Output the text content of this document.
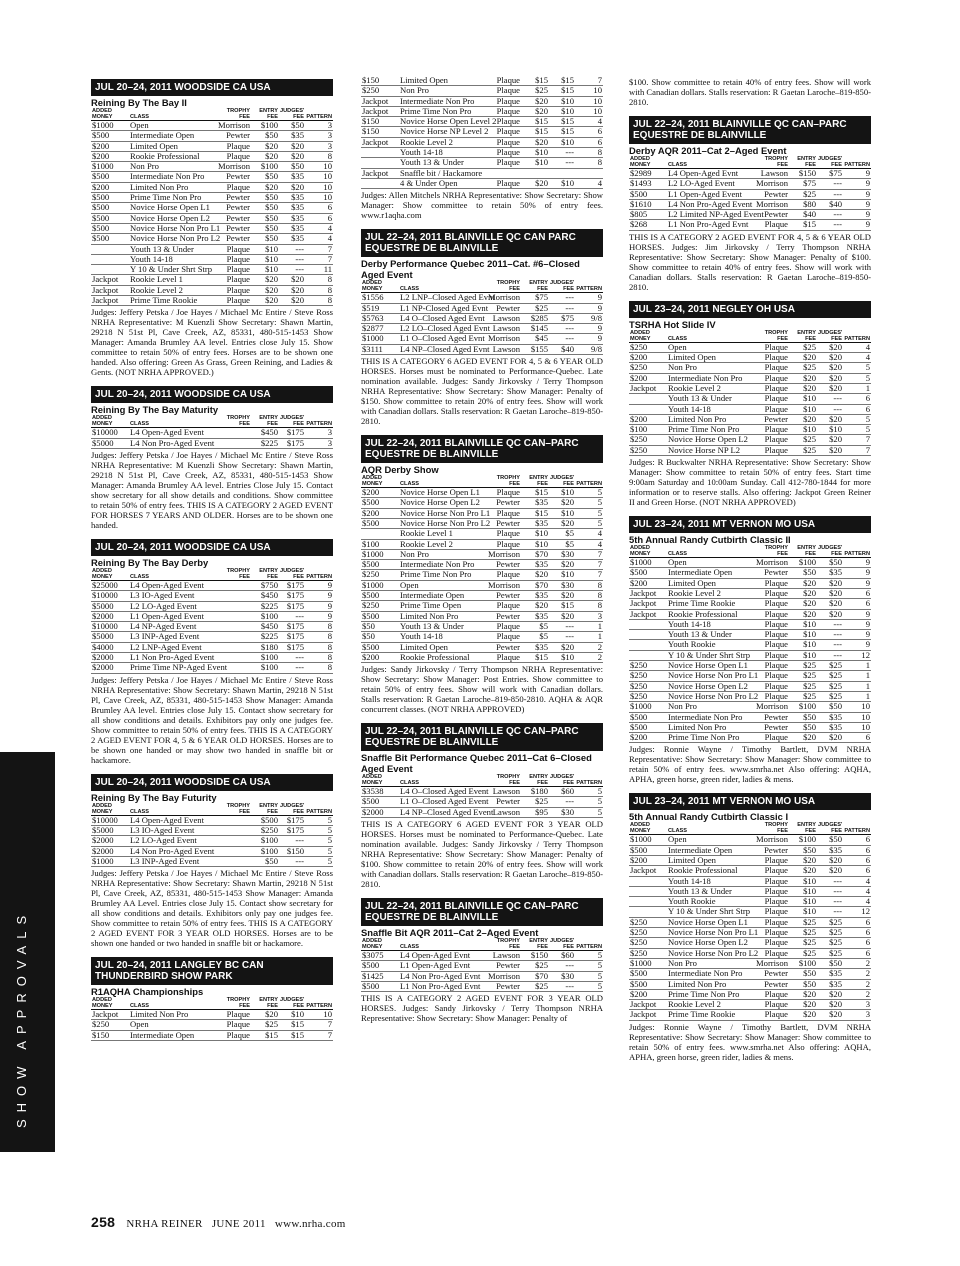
SHOW APPROVALS
JUL 20–24, 2011 WOODSIDE CA USA
Reining By The Bay II
ADDED MONEY	CLASS	TROPHY FEE	ENTRY FEE	JUDGES' FEE	PATTERN
$1000	Open	Morrison	$100	$50	3
$500	Intermediate Open	Pewter	$50	$35	3
$200	Limited Open	Plaque	$20	$20	3
$200	Rookie Professional	Plaque	$20	$20	8
$1000	Non Pro	Morrison	$100	$50	10
$500	Intermediate Non Pro	Pewter	$50	$35	10
$200	Limited Non Pro	Plaque	$20	$20	10
$500	Prime Time Non Pro	Pewter	$50	$35	10
$500	Novice Horse Open L1	Pewter	$50	$35	6
$500	Novice Horse Open L2	Pewter	$50	$35	6
$500	Novice Horse Non Pro L1	Pewter	$50	$35	4
$500	Novice Horse Non Pro L2	Pewter	$50	$35	4
	Youth 13 & Under	Plaque	$10	---	7
	Youth 14-18	Plaque	$10	---	7
	Y 10 & Under Shrt Strp	Plaque	$10	---	11
Jackpot	Rookie Level 1	Plaque	$20	$20	8
Jackpot	Rookie Level 2	Plaque	$20	$20	8
Jackpot	Prime Time Rookie	Plaque	$20	$20	8

Judges: Jeffery Petska / Joe Hayes / Michael Mc Entire / Steve Ross NRHA Representative: M Kuenzli Show Secretary: Shawn Martin, 29218 N 51st Pl, Cave Creek, AZ, 85331, 480-515-1453 Show Manager: Amanda Brumley AA level. Entries close July 15. Show committee to retain 50% of entry fees. Horses are to be shown one handed. Also offering: Green As Grass, Green Reining, and Ladies & Gents. (NOT NRHA APPROVED.)

JUL 20–24, 2011 WOODSIDE CA USA
Reining By The Bay Maturity
ADDED MONEY	CLASS	TROPHY FEE	ENTRY FEE	JUDGES' FEE	PATTERN
$10000	L4 Open-Aged Event		$450	$175	3
$5000	L4 Non Pro-Aged Event		$225	$175	3

Judges: Jeffery Petska / Joe Hayes / Michael Mc Entire / Steve Ross NRHA Representative: M Kuenzli Show Secretary: Shawn Martin, 29218 N 51st Pl, Cave Creek, AZ, 85331, 480-515-1453 Show Manager: Amanda Brumley AA level. Entries Close July 15. Contact show secretary for all show details and conditions. Show committee to retain 50% of entry fees. THIS IS A CATEGORY 2 AGED EVENT FOR HORSES 7 YEARS AND OLDER. Horses are to be shown one handed.

JUL 20–24, 2011 WOODSIDE CA USA
Reining By The Bay Derby
ADDED MONEY	CLASS	TROPHY FEE	ENTRY FEE	JUDGES' FEE	PATTERN
$25000	L4 Open-Aged Event		$750	$175	9
$10000	L3 IO-Aged Event		$450	$175	9
$5000	L2 LO-Aged Event		$225	$175	9
$2000	L1 Open-Aged Event		$100	---	9
$10000	L4 NP-Aged Event		$450	$175	8
$5000	L3 INP-Aged Event		$225	$175	8
$4000	L2 LNP-Aged Event		$180	$175	8
$2000	L1 Non Pro-Aged Event		$100	---	8
$2000	Prime Time NP-Aged Event		$100	---	8

Judges: Jeffery Petska / Joe Hayes / Michael Mc Entire / Steve Ross NRHA Representative: Show Secretary: Shawn Martin, 29218 N 51st Pl, Cave Creek, AZ, 85331, 480-515-1453 Show Manager: Amanda Brumley AA level. Entries close July 15. Contact show secretary for all show conditions and details. Exhibitors pay only one judges fee. Show committee to retain 50% of entry fees. THIS IS A CATEGORY 2 AGED EVENT FOR 4, 5 & 6 YEAR OLD HORSES. Horses are to be shown one handed or may show two handed in snaffle bit or hackamore.

JUL 20–24, 2011 WOODSIDE CA USA
Reining By The Bay Futurity
ADDED MONEY	CLASS	TROPHY FEE	ENTRY FEE	JUDGES' FEE	PATTERN
$10000	L4 Open-Aged Event		$500	$175	5
$5000	L3 IO-Aged Event		$250	$175	5
$2000	L2 LO-Aged Event		$100	---	5
$2000	L4 Non Pro-Aged Event		$100	$150	5
$1000	L3 INP-Aged Event		$50	---	5

Judges: Jeffery Petska / Joe Hayes / Michael Mc Entire / Steve Ross NRHA Representative: Show Secretary: Shawn Martin, 29218 N 51st Pl, Cave Creek, AZ, 85331, 480-515-1453 Show Manager: Amanda Brumley AA Level. Entries close July 15. Contact show secretary for all show conditions and details. Exhibitors only pay one judges fee. Show committee to retain 50% of entry fees. THIS IS A CATEGORY 2 AGED EVENT FOR 3 YEAR OLD HORSES. Horses are to be shown one handed or two handed in snaffle bit or hackamore.

JUL 20–24, 2011 LANGLEY BC CAN THUNDERBIRD SHOW PARK
R1AQHA Championships
ADDED MONEY	CLASS	TROPHY FEE	ENTRY FEE	JUDGES' FEE	PATTERN
Jackpot	Limited Non Pro	Plaque	$20	$10	10
$250	Open	Plaque	$25	$15	7
$150	Intermediate Open	Plaque	$15	$15	7
$150	Limited Open	Plaque	$15	$15	7
$250	Non Pro	Plaque	$25	$15	10
Jackpot	Intermediate Non Pro	Plaque	$20	$10	10
Jackpot	Prime Time Non Pro	Plaque	$20	$10	10
$150	Novice Horse Open Level 2	Plaque	$15	$15	4
$150	Novice Horse NP Level 2	Plaque	$15	$15	6
Jackpot	Rookie Level 2	Plaque	$20	$10	6
	Youth 14-18	Plaque	$10	---	8
	Youth 13 & Under	Plaque	$10	---	8
Jackpot	Snaffle bit / Hackamore				
	4 & Under Open	Plaque	$20	$10	4

Judges: Allen Mitchels NRHA Representative: Show Secretary: Show Manager: Show committee to retain 50% of entry fees. www.r1aqha.com

JUL 22–24, 2011 BLAINVILLE QC CAN PARC EQUESTRE DE BLAINVILLE
Derby Performance Quebec 2011–Cat. #6–Closed Aged Event
ADDED MONEY	CLASS	TROPHY FEE	ENTRY FEE	JUDGES' FEE	PATTERN
$1556	L2 LNP–Closed Aged Evnt	Morrison	$75	---	9
$519	L1 NP-Closed Aged Evnt	Pewter	$25	---	9
$5763	L4 O–Closed Aged Evnt	Lawson	$285	$75	9/8
$2877	L2 LO–Closed Aged Evnt	Lawson	$145	---	9
$1000	L1 O–Closed Aged Evnt	Morrison	$45	---	9
$3111	L4 NP–Closed Aged Evnt	Lawson	$155	$40	9/8

THIS IS A CATEGORY 6 AGED EVENT FOR 4, 5 & 6 YEAR OLD HORSES. Horses must be nominated to Performance-Quebec. Late nomination available. Judges: Sandy Jirkovsky / Terry Thompson NRHA Representative: Show Secretary: Show Manager: Penalty of $150. Show committee to retain 20% of entry fees. Show will work with Canadian dollars. Stalls reservation: R Gaetan Laroche–819-850-2810.

JUL 22–24, 2011 BLAINVILLE QC CAN–PARC EQUESTRE DE BLAINVILLE
AQR Derby Show
ADDED MONEY	CLASS	TROPHY FEE	ENTRY FEE	JUDGES' FEE	PATTERN
$200	Novice Horse Open L1	Plaque	$15	$10	5
$500	Novice Horse Open L2	Pewter	$35	$20	5
$200	Novice Horse Non Pro L1	Plaque	$15	$10	5
$500	Novice Horse Non Pro L2	Pewter	$35	$20	5
	Rookie Level 1	Plaque	$10	$5	4
$100	Rookie Level 2	Plaque	$10	$5	4
$1000	Non Pro	Morrison	$70	$30	7
$500	Intermediate Non Pro	Pewter	$35	$20	7
$250	Prime Time Non Pro	Plaque	$20	$10	7
$1000	Open	Morrison	$70	$30	8
$500	Intermediate Open	Pewter	$35	$20	8
$250	Prime Time Open	Plaque	$20	$15	8
$500	Limited Non Pro	Pewter	$35	$20	3
$50	Youth 13 & Under	Plaque	$5	---	1
$50	Youth 14-18	Plaque	$5	---	1
$500	Limited Open	Pewter	$35	$20	2
$200	Rookie Professional	Plaque	$15	$10	2

Judges: Sandy Jirkovsky / Terry Thompson NRHA Representative: Show Secretary: Show Manager: Post Entries. Show committee to retain 50% of entry fees. Show will work with Canadian dollars. Stalls reservation: R Gaetan Laroche–819-850-2810. AQHA & AQR concurrent classes. (NOT NRHA APPROVED)

JUL 22–24, 2011 BLAINVILLE QC CAN–PARC EQUESTRE DE BLAINVILLE
Snaffle Bit Performance Quebec 2011–Cat 6–Closed Aged Event
ADDED MONEY	CLASS	TROPHY FEE	ENTRY FEE	JUDGES' FEE	PATTERN
$3538	L4 O–Closed Aged Event	Lawson	$180	$60	5
$500	L1 O–Closed Aged Event	Pewter	$25	---	5
$2000	L4 NP–Closed Aged Event	Lawson	$95	$30	5

THIS IS A CATEGORY 6 AGED EVENT FOR 3 YEAR OLD HORSES. Horses must be nominated to Performance-Quebec. Late nomination available. Judges: Sandy Jirkovsky / Terry Thompson NRHA Representative: Show Secretary: Show Manager: Penalty of $100. Show committee to retain 20% of entry fees. Show will work with Canadian dollars. Stalls reservation: R Gaetan Laroche–819-850-2810.

JUL 22–24, 2011 BLAINVILLE QC CAN–PARC EQUESTRE DE BLAINVILLE
Snaffle Bit AQR 2011–Cat 2–Aged Event
ADDED MONEY	CLASS	TROPHY FEE	ENTRY FEE	JUDGES' FEE	PATTERN
$3075	L4 Open-Aged Evnt	Lawson	$150	$60	5
$500	L1 Open-Aged Evnt	Pewter	$25	---	5
$1425	L4 Non Pro-Aged Evnt	Morrison	$70	$30	5
$500	L1 Non Pro-Aged Evnt	Pewter	$25	---	5

THIS IS A CATEGORY 2 AGED EVENT FOR 3 YEAR OLD HORSES. Judges: Sandy Jirkovsky / Terry Thompson NRHA Representative: Show Secretary: Show Manager: Penalty of

$100. Show committee to retain 40% of entry fees. Show will work with Canadian dollars. Stalls reservation: R Gaetan Laroche–819-850-2810.

JUL 22–24, 2011 BLAINVILLE QC CAN–PARC EQUESTRE DE BLAINVILLE
Derby AQR 2011–Cat 2–Aged Event
ADDED MONEY	CLASS	TROPHY FEE	ENTRY FEE	JUDGES' FEE	PATTERN
$2989	L4 Open-Aged Evnt	Lawson	$150	$75	9
$1493	L2 LO-Aged Event	Morrison	$75	---	9
$500	L1 Open-Aged Event	Pewter	$25	---	9
$1610	L4 Non Pro-Aged Event	Morrison	$80	$40	9
$805	L2 Limited NP-Aged Event	Pewter	$40	---	9
$268	L1 Non Pro-Aged Evnt	Plaque	$15	---	9

THIS IS A CATEGORY 2 AGED EVENT FOR 4, 5 & 6 YEAR OLD HORSES. Judges: Jim Jirkovsky / Terry Thompson NRHA Representative: Show Secretary: Show Manager: Penalty of $100. Show committee to retain 40% of entry fees. Show will work with Canadian dollars. Stalls reservation: R Gaetan Laroche–819-850-2810.

JUL 23–24, 2011 NEGLEY OH USA
TSRHA Hot Slide IV
ADDED MONEY	CLASS	TROPHY FEE	ENTRY FEE	JUDGES' FEE	PATTERN
$250	Open	Plaque	$25	$20	4
$200	Limited Open	Plaque	$20	$20	4
$250	Non Pro	Plaque	$25	$20	5
$200	Intermediate Non Pro	Plaque	$20	$20	5
Jackpot	Rookie Level 2	Plaque	$20	$20	1
	Youth 13 & Under	Plaque	$10	---	6
	Youth 14-18	Plaque	$10	---	6
$200	Limited Non Pro	Pewter	$20	$20	5
$100	Prime Time Non Pro	Plaque	$10	$10	5
$250	Novice Horse Open L2	Plaque	$25	$20	7
$250	Novice Horse NP L2	Plaque	$25	$20	7

Judges: R Buckwalter NRHA Representative: Show Secretary: Show Manager: Show committee to retain 50% of entry fees. Start time 9:00am Saturday and 10:00am Sunday. Call 412-780-1844 for more information or to reserve stalls. Also offering: Jackpot Green Reiner II and Green Horse. (NOT NRHA APPROVED)

JUL 23–24, 2011 MT VERNON MO USA
5th Annual Randy Cutbirth Classic II
ADDED MONEY	CLASS	TROPHY FEE	ENTRY FEE	JUDGES' FEE	PATTERN
$1000	Open	Morrison	$100	$50	9
$500	Intermediate Open	Pewter	$50	$35	9
$200	Limited Open	Plaque	$20	$20	9
Jackpot	Rookie Level 2	Plaque	$20	$20	6
Jackpot	Prime Time Rookie	Plaque	$20	$20	6
Jackpot	Rookie Professional	Plaque	$20	$20	9
	Youth 14-18	Plaque	$10	---	9
	Youth 13 & Under	Plaque	$10	---	9
	Youth Rookie	Plaque	$10	---	9
	Y 10 & Under Shrt Strp	Plaque	$10	---	12
$250	Novice Horse Open L1	Plaque	$25	$25	1
$250	Novice Horse Non Pro L1	Plaque	$25	$25	1
$250	Novice Horse Open L2	Plaque	$25	$25	1
$250	Novice Horse Non Pro L2	Plaque	$25	$25	1
$1000	Non Pro	Morrison	$100	$50	10
$500	Intermediate Non Pro	Pewter	$50	$35	10
$500	Limited Non Pro	Pewter	$50	$35	10
$200	Prime Time Non Pro	Plaque	$20	$20	6

Judges: Ronnie Wayne / Timothy Bartlett, DVM NRHA Representative: Show Secretary: Show Manager: Show committee to retain 50% of entry fees. www.smrha.net Also offering: AQHA, APHA, green horse, green rider, ladies & mens.

JUL 23–24, 2011 MT VERNON MO USA
5th Annual Randy Cutbirth Classic I
ADDED MONEY	CLASS	TROPHY FEE	ENTRY FEE	JUDGES' FEE	PATTERN
$1000	Open	Morrison	$100	$50	6
$500	Intermediate Open	Pewter	$50	$35	6
$200	Limited Open	Plaque	$20	$20	6
Jackpot	Rookie Professional	Plaque	$20	$20	6
	Youth 14-18	Plaque	$10	---	4
	Youth 13 & Under	Plaque	$10	---	4
	Youth Rookie	Plaque	$10	---	4
	Y 10 & Under Shrt Strp	Plaque	$10	---	12
$250	Novice Horse Open L1	Plaque	$25	$25	6
$250	Novice Horse Non Pro L1	Plaque	$25	$25	6
$250	Novice Horse Open L2	Plaque	$25	$25	6
$250	Novice Horse Non Pro L2	Plaque	$25	$25	6
$1000	Non Pro	Morrison	$100	$50	2
$500	Intermediate Non Pro	Pewter	$50	$35	2
$500	Limited Non Pro	Pewter	$50	$35	2
$200	Prime Time Non Pro	Plaque	$20	$20	2
Jackpot	Rookie Level 2	Plaque	$20	$20	3
Jackpot	Prime Time Rookie	Plaque	$20	$20	3

Judges: Ronnie Wayne / Timothy Bartlett, DVM NRHA Representative: Show Secretary: Show Manager: Show committee to retain 50% of entry fees. www.smrha.net Also offering: AQHA, APHA, green horse, green rider, ladies & mens.

258 NRHA REINER JUNE 2011 www.nrha.com
